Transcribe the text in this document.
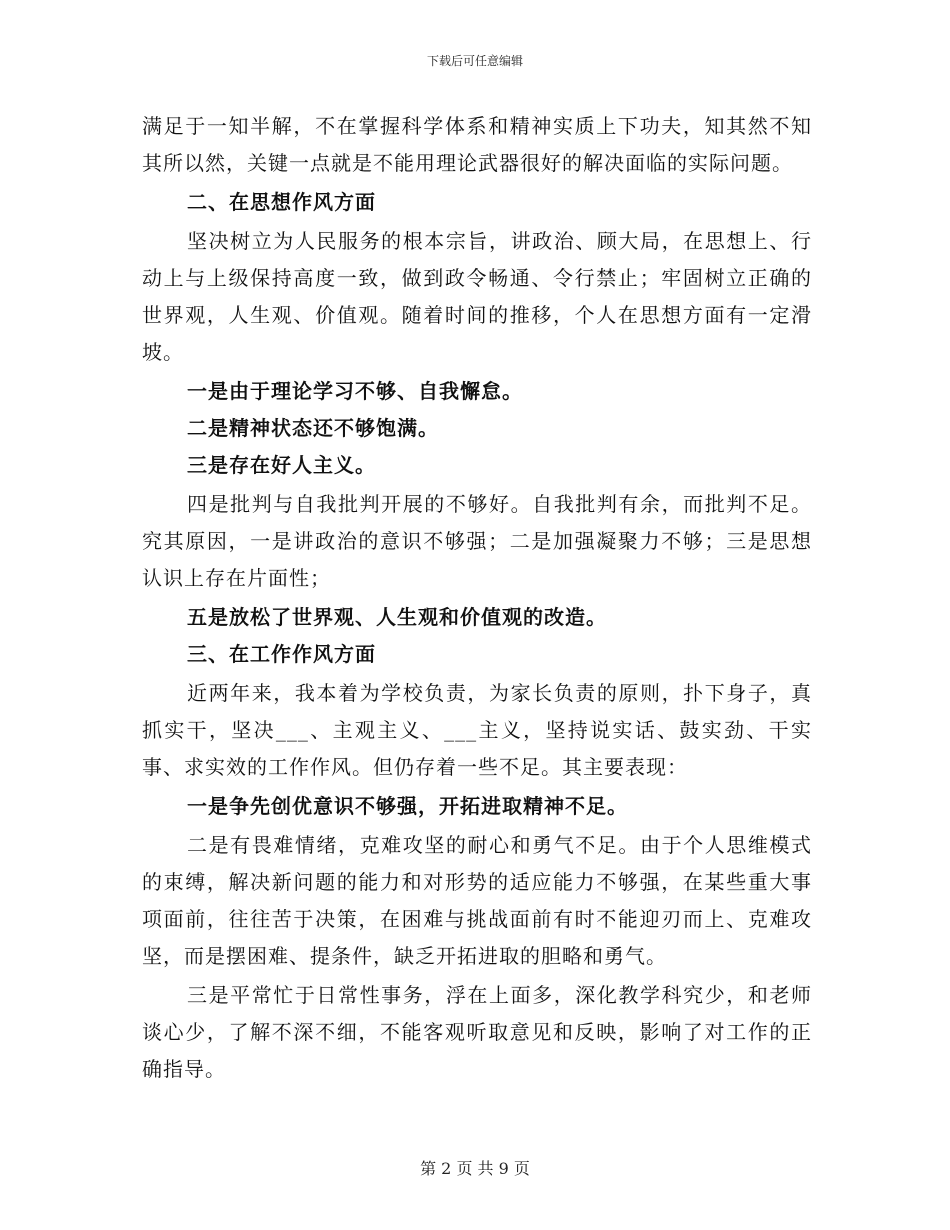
下载后可任意编辑

满足于一知半解，不在掌握科学体系和精神实质上下功夫，知其然不知其所以然，关键一点就是不能用理论武器很好的解决面临的实际问题。

二、在思想作风方面

坚决树立为人民服务的根本宗旨，讲政治、顾大局，在思想上、行动上与上级保持高度一致，做到政令畅通、令行禁止；牢固树立正确的世界观，人生观、价值观。随着时间的推移，个人在思想方面有一定滑坡。

一是由于理论学习不够、自我懈怠。

二是精神状态还不够饱满。

三是存在好人主义。

四是批判与自我批判开展的不够好。自我批判有余，而批判不足。究其原因，一是讲政治的意识不够强；二是加强凝聚力不够；三是思想认识上存在片面性；

五是放松了世界观、人生观和价值观的改造。

三、在工作作风方面

近两年来，我本着为学校负责，为家长负责的原则，扑下身子，真抓实干，坚决___、主观主义、___主义，坚持说实话、鼓实劲、干实事、求实效的工作作风。但仍存着一些不足。其主要表现：

一是争先创优意识不够强，开拓进取精神不足。

二是有畏难情绪，克难攻坚的耐心和勇气不足。由于个人思维模式的束缚，解决新问题的能力和对形势的适应能力不够强，在某些重大事项面前，往往苦于决策，在困难与挑战面前有时不能迎刃而上、克难攻坚，而是摆困难、提条件，缺乏开拓进取的胆略和勇气。

三是平常忙于日常性事务，浮在上面多，深化教学科究少，和老师谈心少，了解不深不细，不能客观听取意见和反映，影响了对工作的正确指导。

第 2 页 共 9 页
